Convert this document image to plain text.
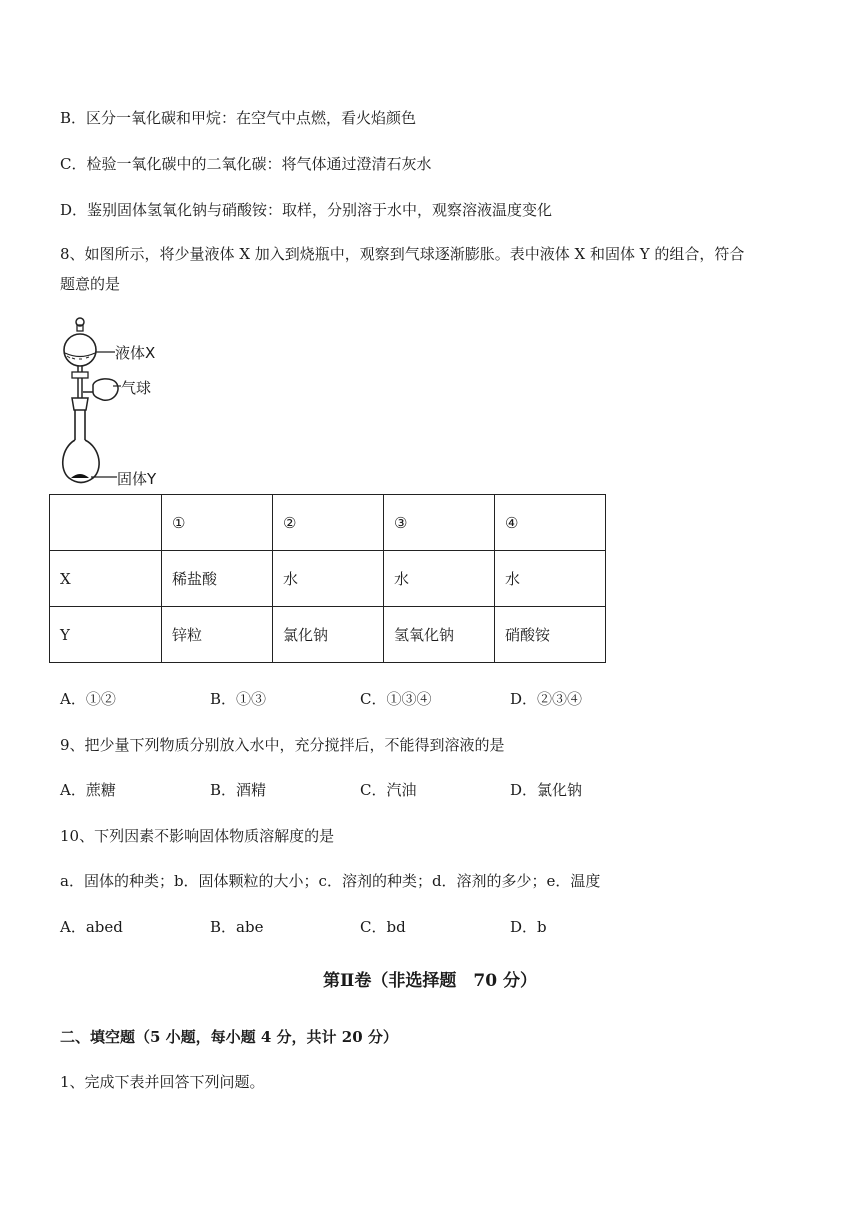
B．区分一氧化碳和甲烷：在空气中点燃，看火焰颜色
C．检验一氧化碳中的二氧化碳：将气体通过澄清石灰水
D．鉴别固体氢氧化钠与硝酸铵：取样，分别溶于水中，观察溶液温度变化
8、如图所示，将少量液体 X 加入到烧瓶中，观察到气球逐渐膨胀。表中液体 X 和固体 Y 的组合，符合
题意的是
液体X
气球
固体Y
	①	②	③	④
X	稀盐酸	水	水	水
Y	锌粒	氯化钠	氢氧化钠	硝酸铵
A．①②	B．①③	C．①③④	D．②③④
9、把少量下列物质分别放入水中，充分搅拌后，不能得到溶液的是
A．蔗糖	B．酒精	C．汽油	D．氯化钠
10、下列因素不影响固体物质溶解度的是
a．固体的种类；b．固体颗粒的大小；c．溶剂的种类；d．溶剂的多少；e．温度
A．abed	B．abe	C．bd	D．b
第Ⅱ卷（非选择题　70 分）
二、填空题（5 小题，每小题 4 分，共计 20 分）
1、完成下表并回答下列问题。
